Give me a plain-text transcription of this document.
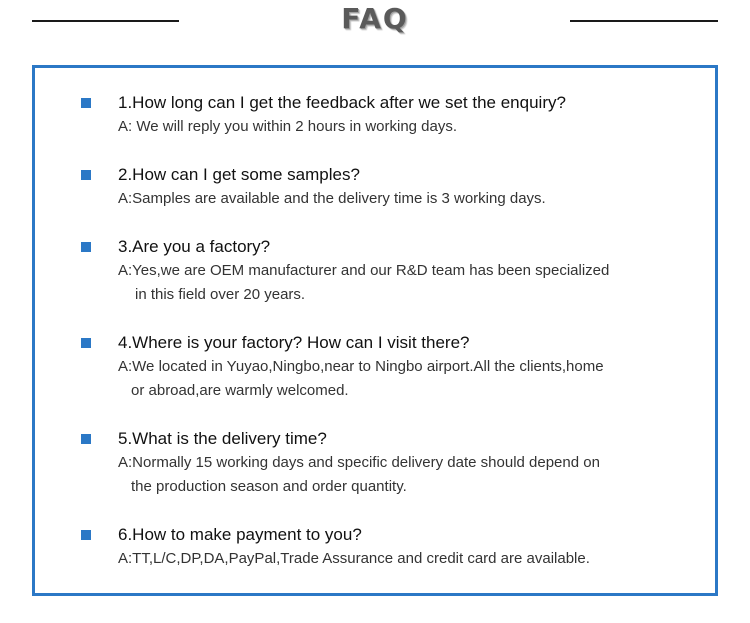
FAQ
1.How long can I get the feedback after we set the enquiry?
A: We will reply you within 2 hours in working days.
2.How can I get some samples?
A:Samples are available and the delivery time is 3 working days.
3.Are you a factory?
A:Yes,we are OEM manufacturer and our R&D team has been specialized
in this field over 20 years.
4.Where is your factory? How can I visit there?
A:We located in Yuyao,Ningbo,near to Ningbo airport.All the clients,home
or abroad,are warmly welcomed.
5.What is the delivery time?
A:Normally 15 working days and specific delivery date should depend on
the production season and order quantity.
6.How to make payment to you?
A:TT,L/C,DP,DA,PayPal,Trade Assurance and credit card are available.
